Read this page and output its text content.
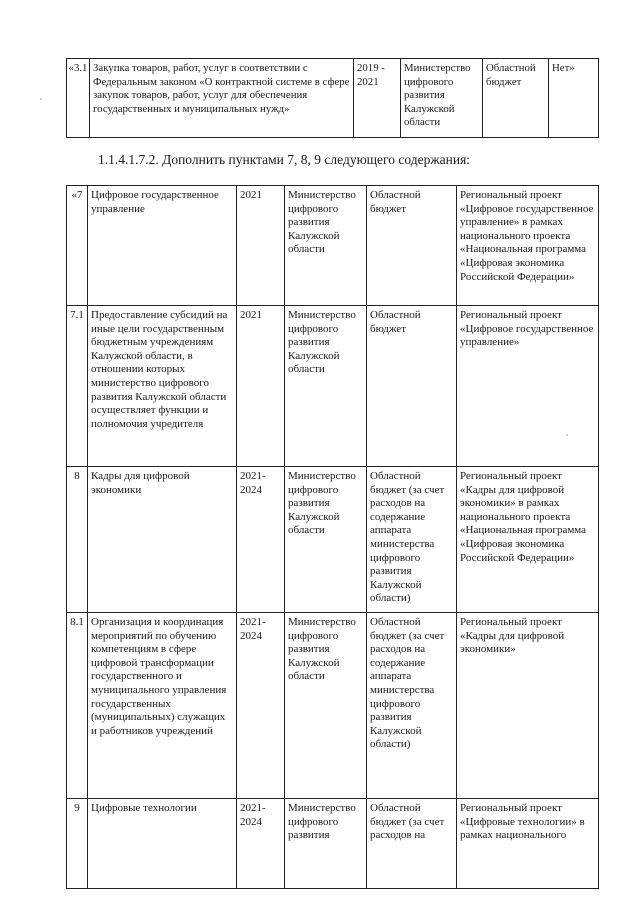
«3.1	Закупка товаров, работ, услуг в соответствии с Федеральным законом «О контрактной системе в сфере закупок товаров, работ, услуг для обеспечения государственных и муниципальных нужд»	2019 - 2021	Министерство цифрового развития Калужской области	Областной бюджет	Нет»

1.1.4.1.7.2. Дополнить пунктами 7, 8, 9 следующего содержания:

«7	Цифровое государственное управление	2021	Министерство цифрового развития Калужской области	Областной бюджет	Региональный проект «Цифровое государственное управление» в рамках национального проекта «Национальная программа «Цифровая экономика Российской Федерации»
7.1	Предоставление субсидий на иные цели государственным бюджетным учреждениям Калужской области, в отношении которых министерство цифрового развития Калужской области осуществляет функции и полномочия учредителя	2021	Министерство цифрового развития Калужской области	Областной бюджет	Региональный проект «Цифровое государственное управление»
8	Кадры для цифровой экономики	2021-2024	Министерство цифрового развития Калужской области	Областной бюджет (за счет расходов на содержание аппарата министерства цифрового развития Калужской области)	Региональный проект «Кадры для цифровой экономики» в рамках национального проекта «Национальная программа «Цифровая экономика Российской Федерации»
8.1	Организация и координация мероприятий по обучению компетенциям в сфере цифровой трансформации государственного и муниципального управления государственных (муниципальных) служащих и работников учреждений	2021-2024	Министерство цифрового развития Калужской области	Областной бюджет (за счет расходов на содержание аппарата министерства цифрового развития Калужской области)	Региональный проект «Кадры для цифровой экономики»
9	Цифровые технологии	2021-2024	Министерство цифрового развития	Областной бюджет (за счет расходов на	Региональный проект «Цифровые технологии» в рамках национального
